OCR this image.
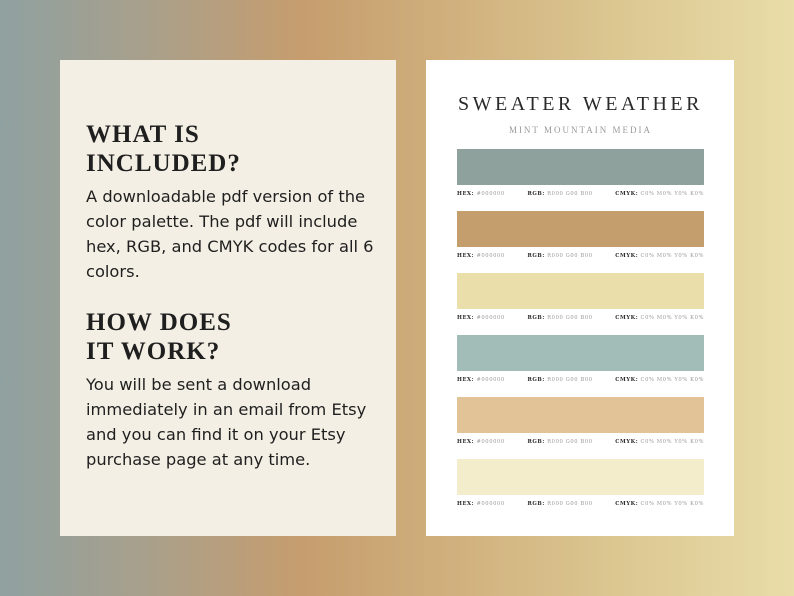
WHAT IS
INCLUDED?

A downloadable pdf version of the color palette. The pdf will include hex, RGB, and CMYK codes for all 6 colors.

HOW DOES
IT WORK?

You will be sent a download immediately in an email from Etsy and you can find it on your Etsy purchase page at any time.

SWEATER WEATHER
MINT MOUNTAIN MEDIA
HEX: #000000	RGB: R000 G00 B00	CMYK: C0% M0% Y0% K0%
HEX: #000000	RGB: R000 G00 B00	CMYK: C0% M0% Y0% K0%
HEX: #000000	RGB: R000 G00 B00	CMYK: C0% M0% Y0% K0%
HEX: #000000	RGB: R000 G00 B00	CMYK: C0% M0% Y0% K0%
HEX: #000000	RGB: R000 G00 B00	CMYK: C0% M0% Y0% K0%
HEX: #000000	RGB: R000 G00 B00	CMYK: C0% M0% Y0% K0%
